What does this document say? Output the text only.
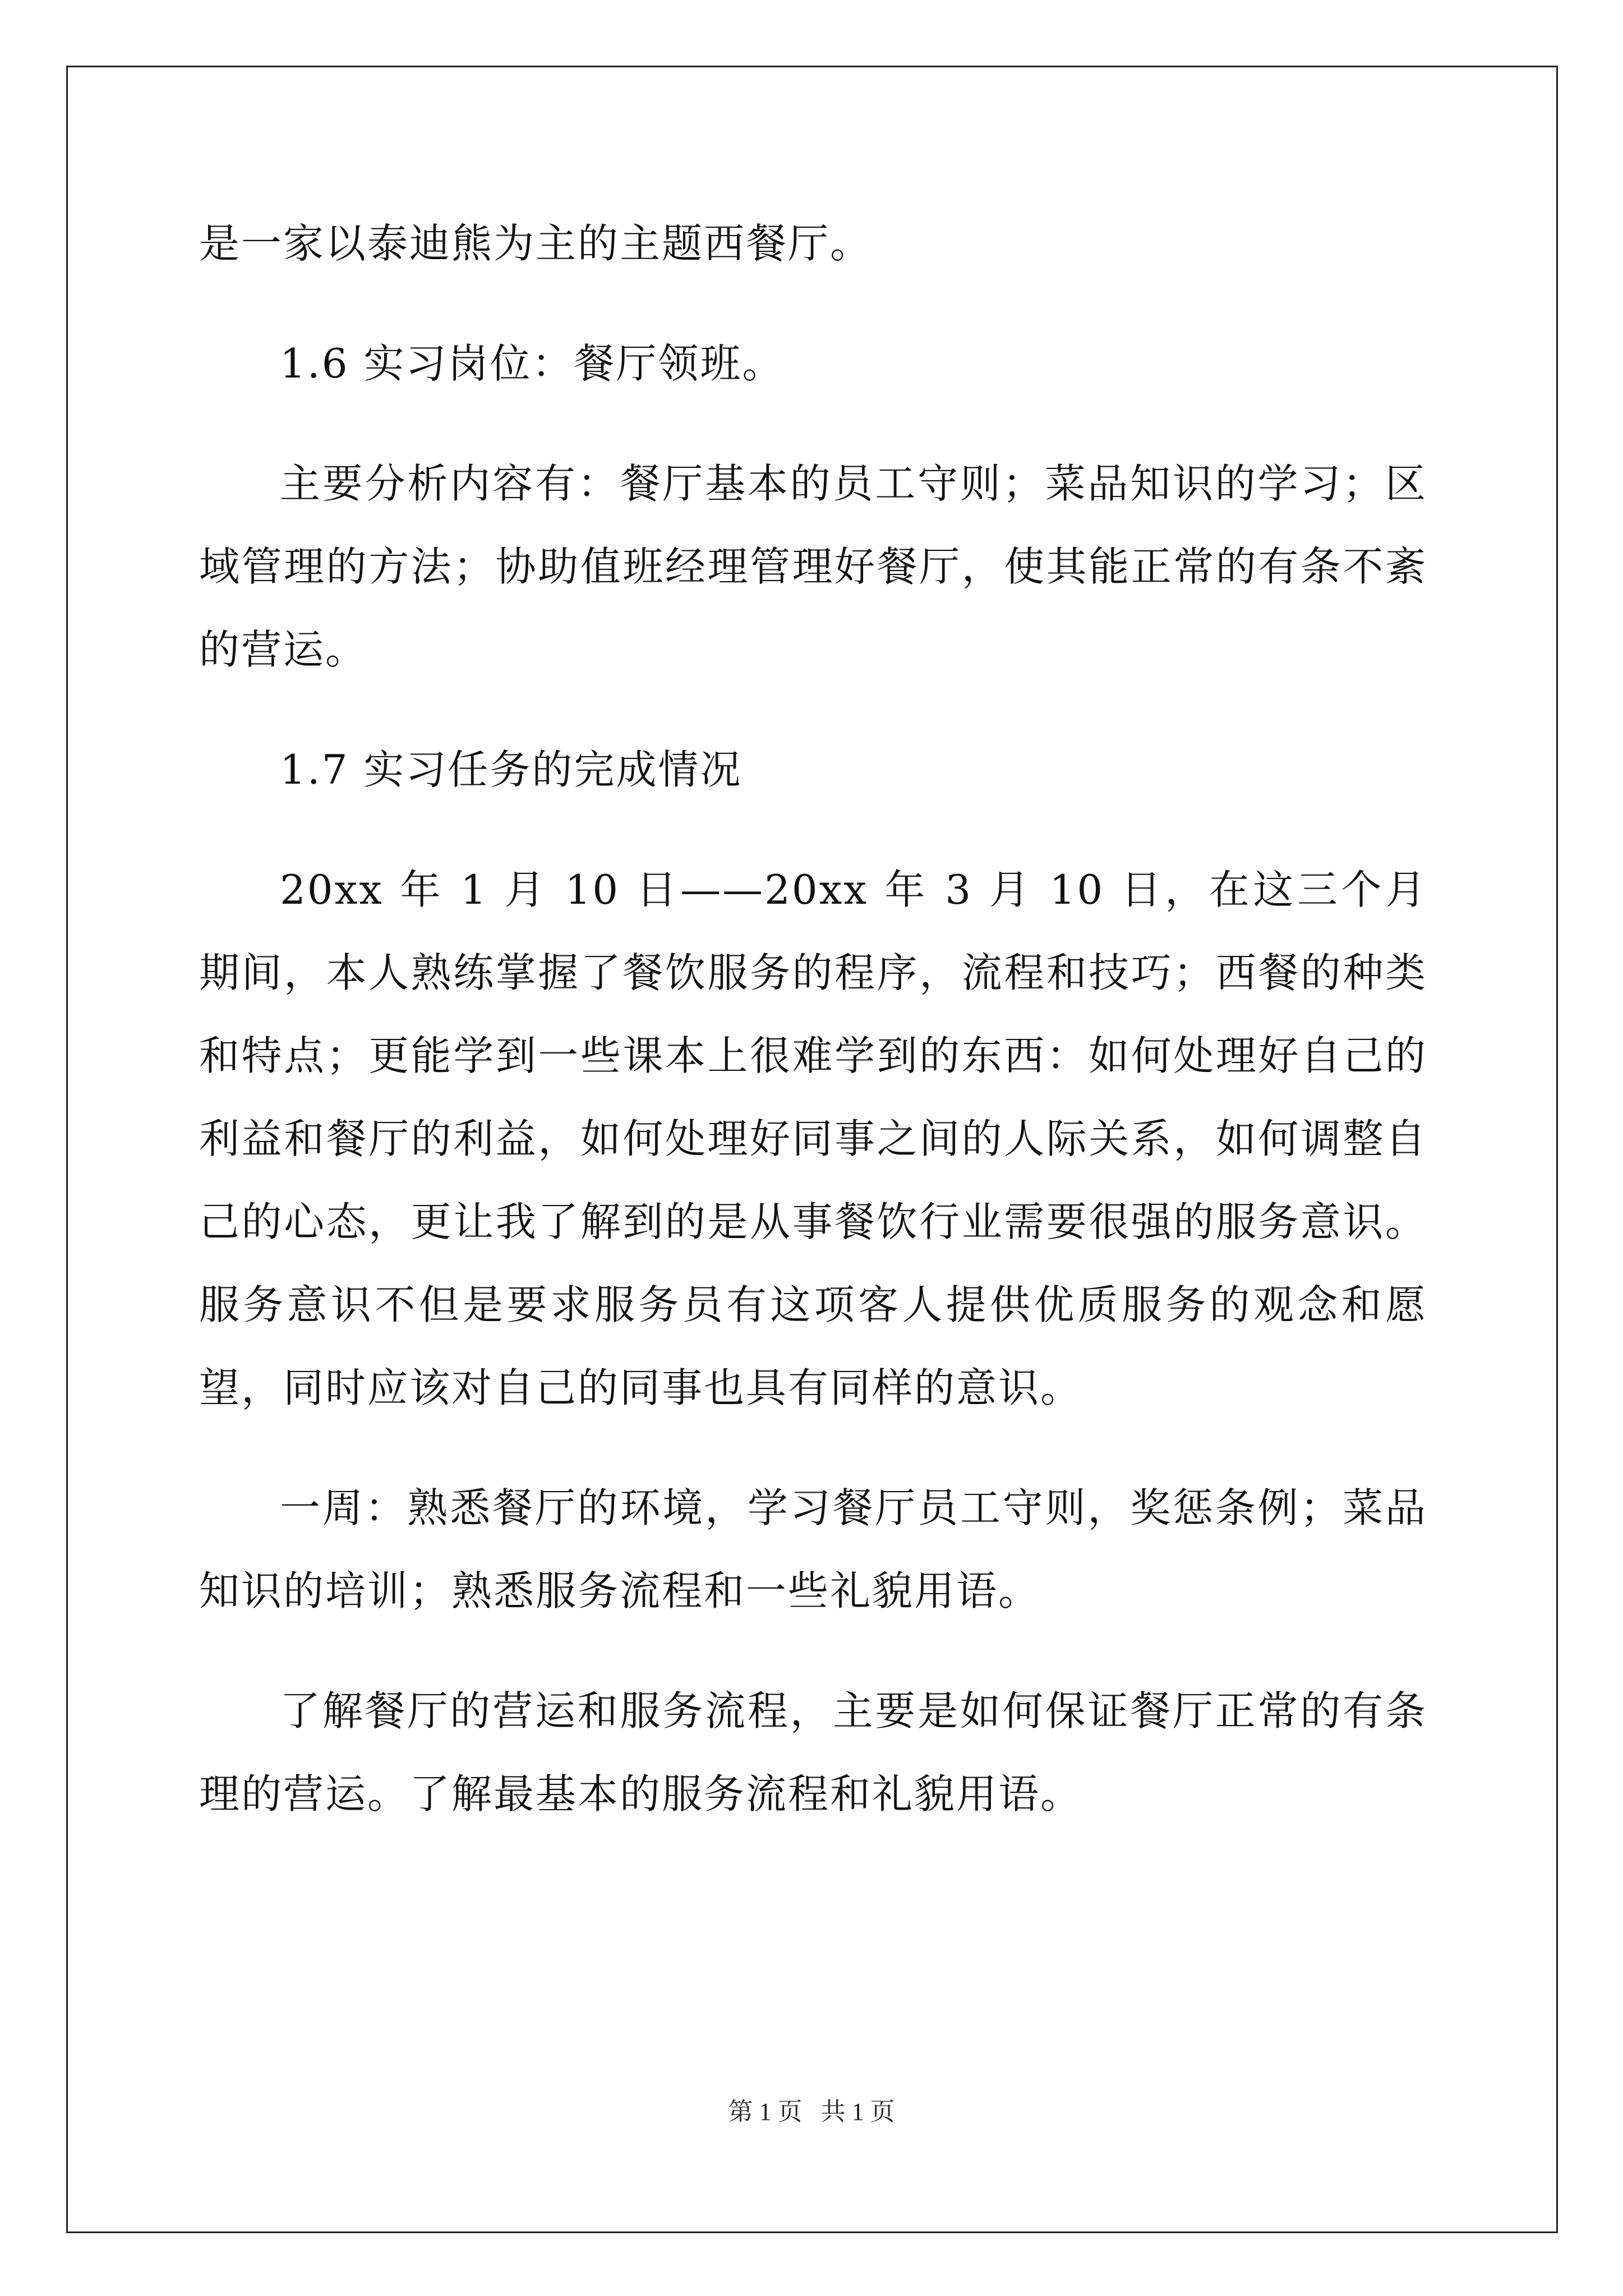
是一家以泰迪熊为主的主题西餐厅。

1.6 实习岗位：餐厅领班。

主要分析内容有：餐厅基本的员工守则；菜品知识的学习；区域管理的方法；协助值班经理管理好餐厅，使其能正常的有条不紊的营运。

1.7 实习任务的完成情况

20xx 年 1 月 10 日——20xx 年 3 月 10 日，在这三个月期间，本人熟练掌握了餐饮服务的程序，流程和技巧；西餐的种类和特点；更能学到一些课本上很难学到的东西：如何处理好自己的利益和餐厅的利益，如何处理好同事之间的人际关系，如何调整自己的心态，更让我了解到的是从事餐饮行业需要很强的服务意识。服务意识不但是要求服务员有这项客人提供优质服务的观念和愿望，同时应该对自己的同事也具有同样的意识。

一周：熟悉餐厅的环境，学习餐厅员工守则，奖惩条例；菜品知识的培训；熟悉服务流程和一些礼貌用语。

了解餐厅的营运和服务流程，主要是如何保证餐厅正常的有条理的营运。了解最基本的服务流程和礼貌用语。

第 1 页   共 1 页
